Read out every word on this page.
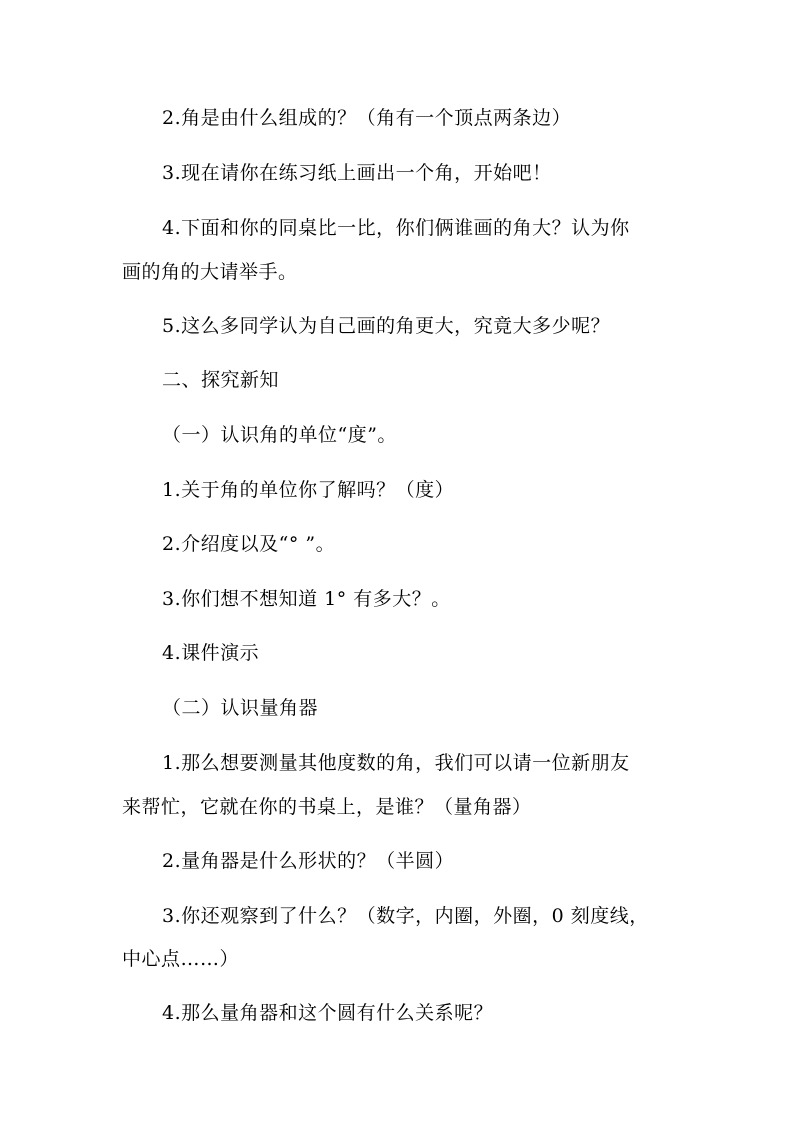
2.角是由什么组成的？（角有一个顶点两条边）
3.现在请你在练习纸上画出一个角，开始吧！
4.下面和你的同桌比一比，你们俩谁画的角大？认为你
画的角的大请举手。
5.这么多同学认为自己画的角更大，究竟大多少呢？
二、探究新知
（一）认识角的单位“度”。
1.关于角的单位你了解吗？（度）
2.介绍度以及“° ”。
3.你们想不想知道 1° 有多大？。
4.课件演示
（二）认识量角器
1.那么想要测量其他度数的角，我们可以请一位新朋友
来帮忙，它就在你的书桌上，是谁？（量角器）
2.量角器是什么形状的？（半圆）
3.你还观察到了什么？（数字，内圈，外圈，0 刻度线，
中心点……）
4.那么量角器和这个圆有什么关系呢？
